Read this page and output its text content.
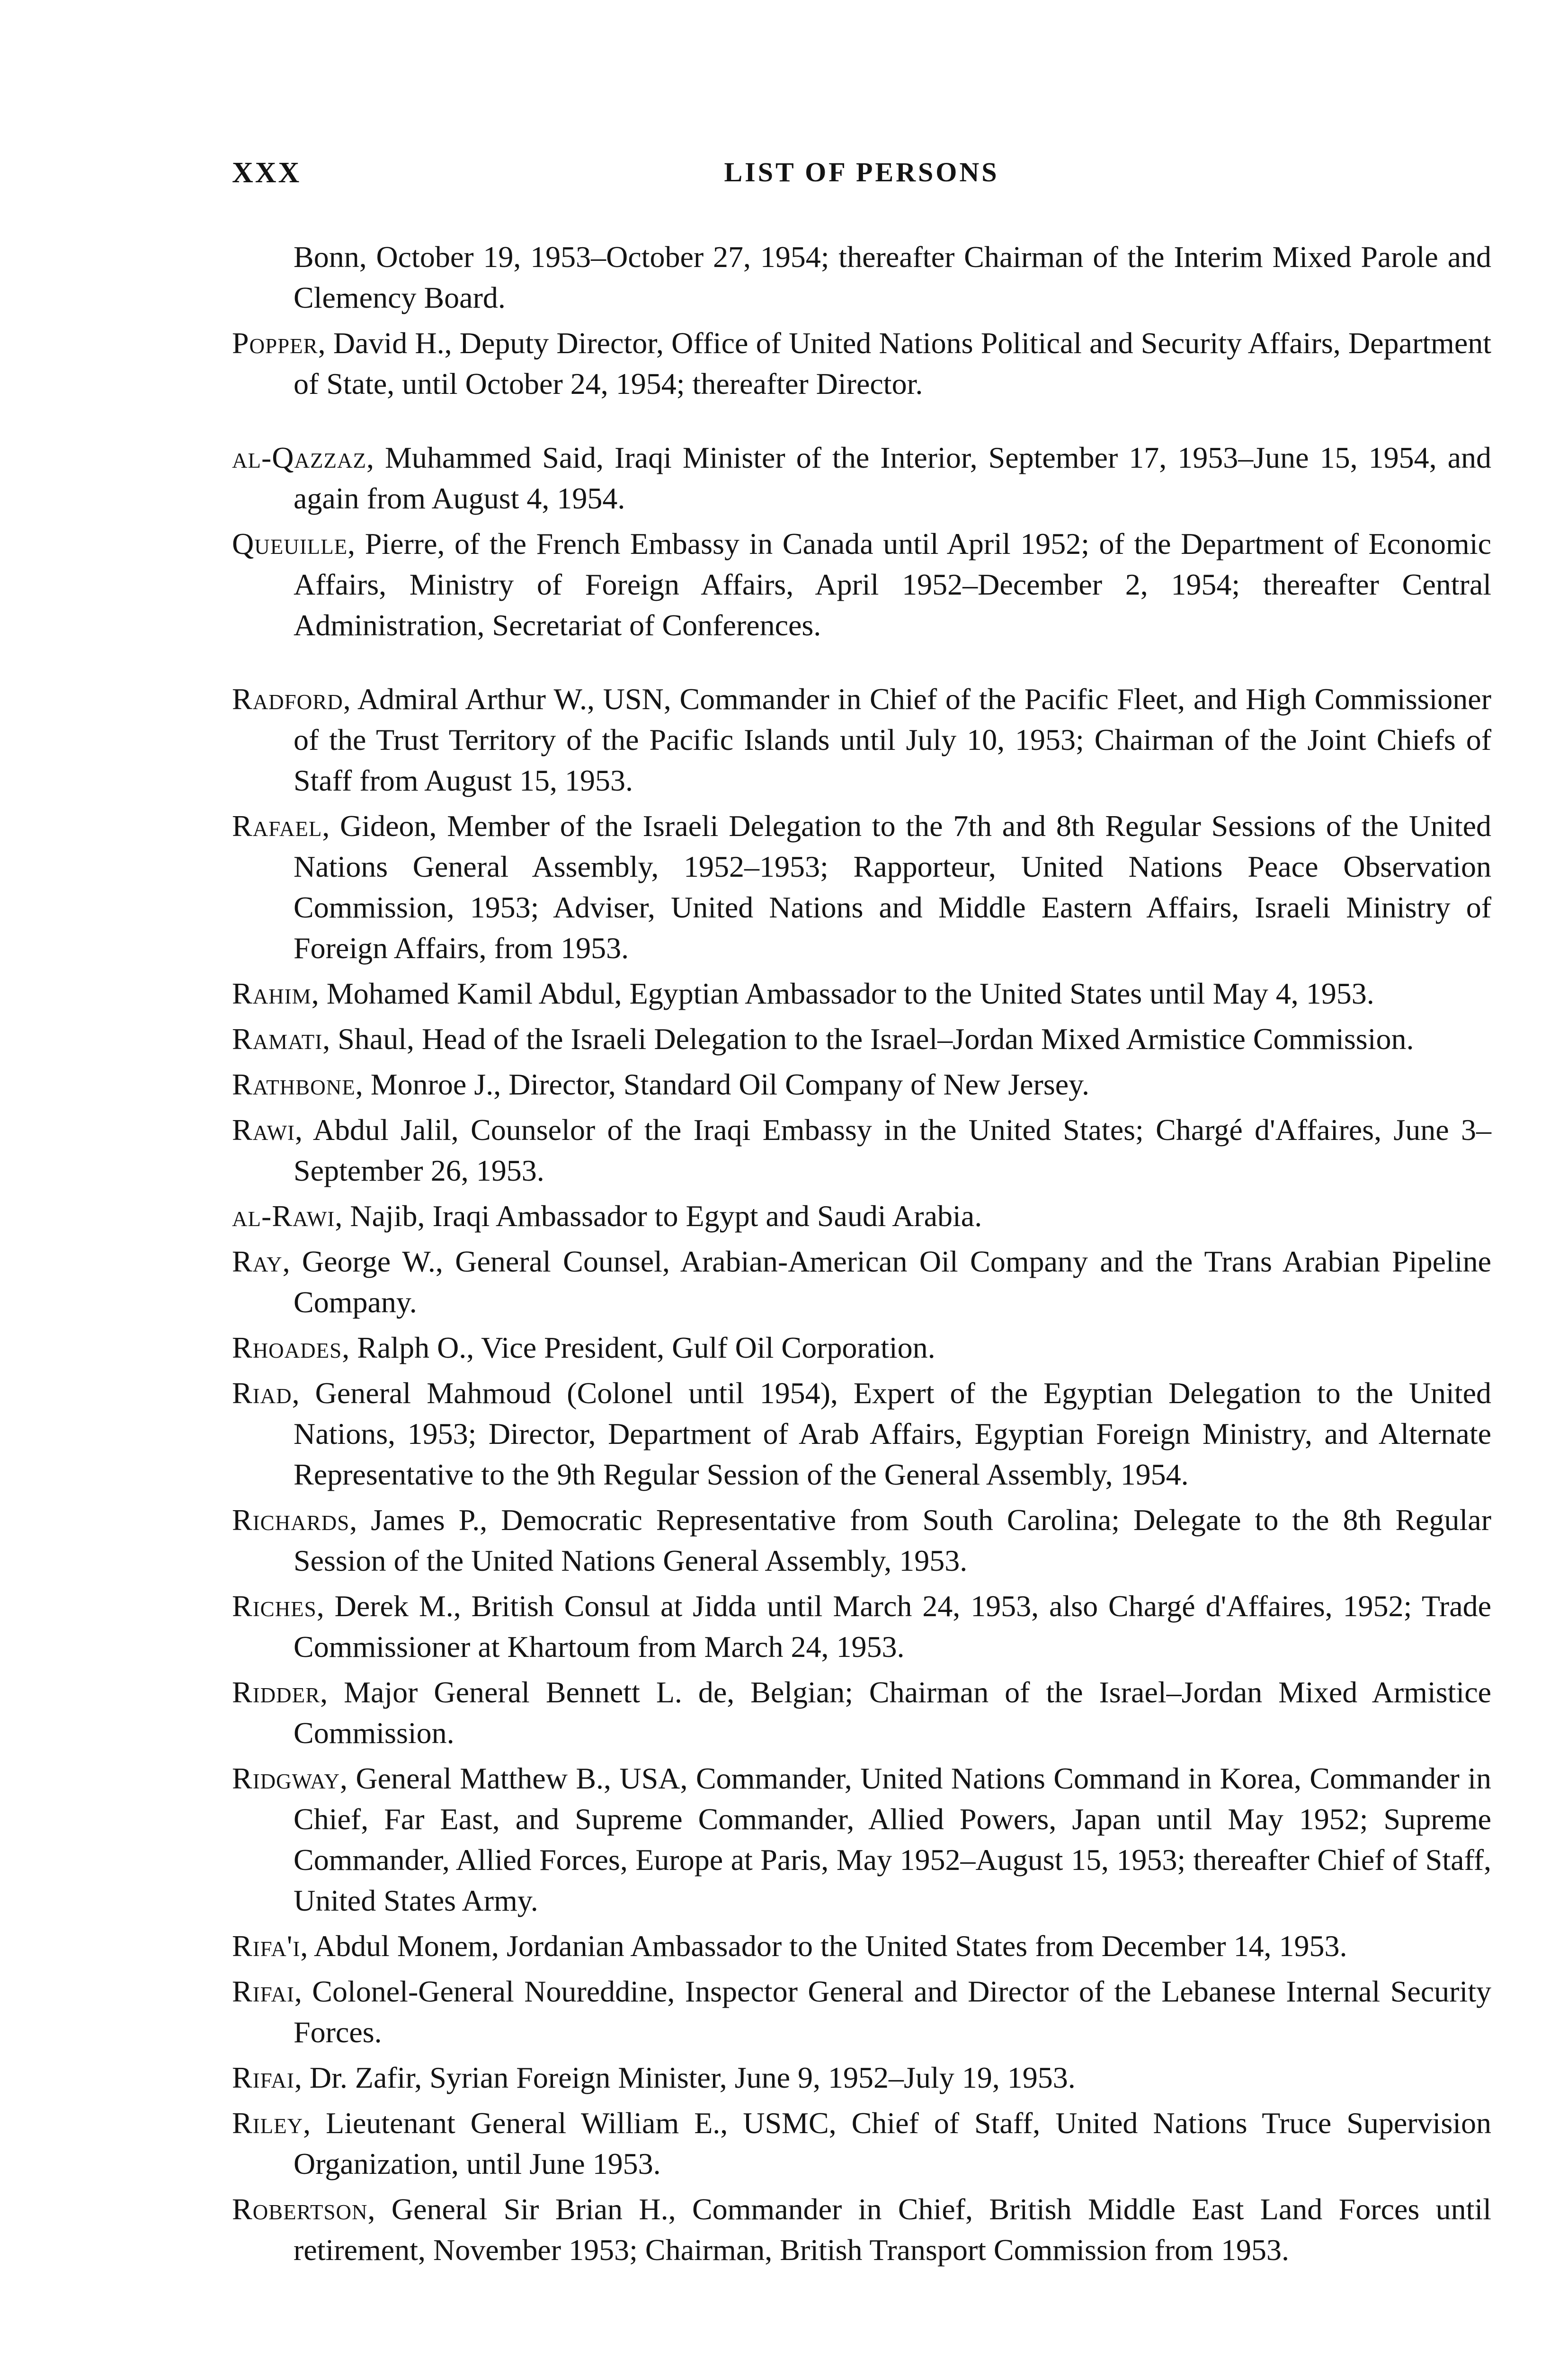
XXX	LIST OF PERSONS

Bonn, October 19, 1953–October 27, 1954; thereafter Chairman of the Interim Mixed Parole and Clemency Board.

Popper, David H., Deputy Director, Office of United Nations Political and Security Affairs, Department of State, until October 24, 1954; thereafter Director.

al-Qazzaz, Muhammed Said, Iraqi Minister of the Interior, September 17, 1953–June 15, 1954, and again from August 4, 1954.

Queuille, Pierre, of the French Embassy in Canada until April 1952; of the Department of Economic Affairs, Ministry of Foreign Affairs, April 1952–December 2, 1954; thereafter Central Administration, Secretariat of Conferences.

Radford, Admiral Arthur W., USN, Commander in Chief of the Pacific Fleet, and High Commissioner of the Trust Territory of the Pacific Islands until July 10, 1953; Chairman of the Joint Chiefs of Staff from August 15, 1953.

Rafael, Gideon, Member of the Israeli Delegation to the 7th and 8th Regular Sessions of the United Nations General Assembly, 1952–1953; Rapporteur, United Nations Peace Observation Commission, 1953; Adviser, United Nations and Middle Eastern Affairs, Israeli Ministry of Foreign Affairs, from 1953.

Rahim, Mohamed Kamil Abdul, Egyptian Ambassador to the United States until May 4, 1953.

Ramati, Shaul, Head of the Israeli Delegation to the Israel–Jordan Mixed Armistice Commission.

Rathbone, Monroe J., Director, Standard Oil Company of New Jersey.

Rawi, Abdul Jalil, Counselor of the Iraqi Embassy in the United States; Chargé d'Affaires, June 3–September 26, 1953.

al-Rawi, Najib, Iraqi Ambassador to Egypt and Saudi Arabia.

Ray, George W., General Counsel, Arabian-American Oil Company and the Trans Arabian Pipeline Company.

Rhoades, Ralph O., Vice President, Gulf Oil Corporation.

Riad, General Mahmoud (Colonel until 1954), Expert of the Egyptian Delegation to the United Nations, 1953; Director, Department of Arab Affairs, Egyptian Foreign Ministry, and Alternate Representative to the 9th Regular Session of the General Assembly, 1954.

Richards, James P., Democratic Representative from South Carolina; Delegate to the 8th Regular Session of the United Nations General Assembly, 1953.

Riches, Derek M., British Consul at Jidda until March 24, 1953, also Chargé d'Affaires, 1952; Trade Commissioner at Khartoum from March 24, 1953.

Ridder, Major General Bennett L. de, Belgian; Chairman of the Israel–Jordan Mixed Armistice Commission.

Ridgway, General Matthew B., USA, Commander, United Nations Command in Korea, Commander in Chief, Far East, and Supreme Commander, Allied Powers, Japan until May 1952; Supreme Commander, Allied Forces, Europe at Paris, May 1952–August 15, 1953; thereafter Chief of Staff, United States Army.

Rifa'i, Abdul Monem, Jordanian Ambassador to the United States from December 14, 1953.

Rifai, Colonel-General Noureddine, Inspector General and Director of the Lebanese Internal Security Forces.

Rifai, Dr. Zafir, Syrian Foreign Minister, June 9, 1952–July 19, 1953.

Riley, Lieutenant General William E., USMC, Chief of Staff, United Nations Truce Supervision Organization, until June 1953.

Robertson, General Sir Brian H., Commander in Chief, British Middle East Land Forces until retirement, November 1953; Chairman, British Transport Commission from 1953.
